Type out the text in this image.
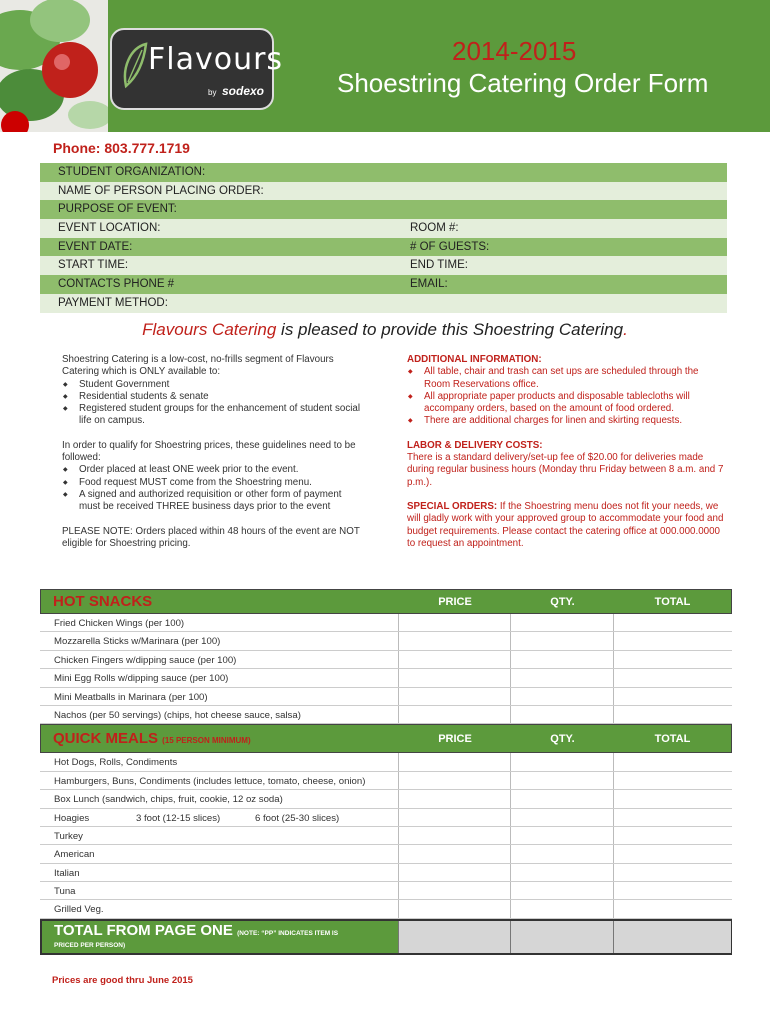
Flavours
by sodexo
2014-2015
Shoestring Catering Order Form
Phone: 803.777.1719
STUDENT ORGANIZATION:
NAME OF PERSON PLACING ORDER:
PURPOSE OF EVENT:
EVENT LOCATION:	ROOM #:
EVENT DATE:	# OF GUESTS:
START TIME:	END TIME:
CONTACTS PHONE #	EMAIL:
PAYMENT METHOD:
Flavours Catering is pleased to provide this Shoestring Catering.

Shoestring Catering is a low-cost, no-frills segment of Flavours Catering which is ONLY available to:

◆ Student Government

◆ Residential students & senate

◆ Registered student groups for the enhancement of student social life on campus.

In order to qualify for Shoestring prices, these guidelines need to be followed:

◆ Order placed at least ONE week prior to the event.

◆ Food request MUST come from the Shoestring menu.

◆ A signed and authorized requisition or other form of payment must be received THREE business days prior to the event

PLEASE NOTE: Orders placed within 48 hours of the event are NOT eligible for Shoestring pricing.

ADDITIONAL INFORMATION:

◆ All table, chair and trash can set ups are scheduled through the Room Reservations office.

◆ All appropriate paper products and disposable tablecloths will accompany orders, based on the amount of food ordered.

◆ There are additional charges for linen and skirting requests.

LABOR & DELIVERY COSTS:

There is a standard delivery/set-up fee of $20.00 for deliveries made during regular business hours (Monday thru Friday between 8 a.m. and 7 p.m.).

SPECIAL ORDERS: If the Shoestring menu does not fit your needs, we will gladly work with your approved group to accommodate your food and budget requirements. Please contact the catering office at 000.000.0000 to request an appointment.

HOT SNACKS	PRICE	QTY.	TOTAL
Fried Chicken Wings (per 100)
Mozzarella Sticks w/Marinara (per 100)
Chicken Fingers w/dipping sauce (per 100)
Mini Egg Rolls w/dipping sauce (per 100)
Mini Meatballs in Marinara (per 100)
Nachos (per 50 servings) (chips, hot cheese sauce, salsa)
QUICK MEALS (15 PERSON MINIMUM)	PRICE	QTY.	TOTAL
Hot Dogs, Rolls, Condiments
Hamburgers, Buns, Condiments (includes lettuce, tomato, cheese, onion)
Box Lunch (sandwich, chips, fruit, cookie, 12 oz soda)
Hoagies	3 foot (12-15 slices)	6 foot (25-30 slices)
Turkey
American
Italian
Tuna
Grilled Veg.
TOTAL FROM PAGE ONE (NOTE: “PP” INDICATES ITEM IS
PRICED PER PERSON)
Prices are good thru June 2015
